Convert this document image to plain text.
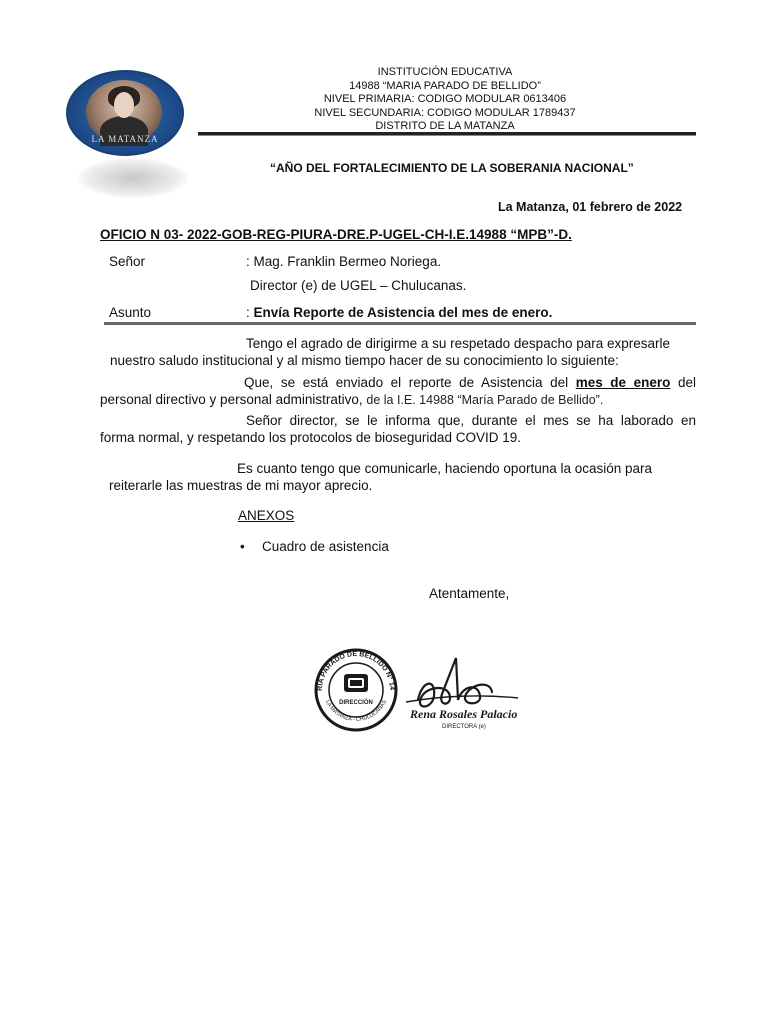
LA MATANZA
INSTITUCIÓN EDUCATIVA
14988 “MARIA PARADO DE BELLIDO”
NIVEL PRIMARIA: CODIGO MODULAR 0613406
NIVEL SECUNDARIA: CODIGO MODULAR 1789437
DISTRITO DE LA MATANZA
“AÑO DEL FORTALECIMIENTO DE LA SOBERANIA NACIONAL”
La Matanza, 01 febrero de 2022
OFICIO N 03- 2022-GOB-REG-PIURA-DRE.P-UGEL-CH-I.E.14988 “MPB”-D.
Señor	: Mag. Franklin Bermeo Noriega.
Director (e) de UGEL – Chulucanas.
Asunto	: Envía Reporte de Asistencia del mes de enero.
Tengo el agrado de dirigirme a su respetado despacho para expresarle
nuestro saludo institucional y al mismo tiempo hacer de su conocimiento lo siguiente:
Que, se está enviado el reporte de Asistencia del mes de enero del
personal directivo y personal administrativo, de la I.E. 14988 “María Parado de Bellido”.
Señor director, se le informa que, durante el mes se ha laborado en
forma normal, y respetando los protocolos de bioseguridad COVID 19.
Es cuanto tengo que comunicarle, haciendo oportuna la ocasión para
reiterarle las muestras de mi mayor aprecio.
ANEXOS
• Cuadro de asistencia
Atentamente,
RIA PARADO DE BELLIDO N° 14
LA MATANZA - CHULUCANAS
DIRECCIÓN
Rena Rosales Palacio
DIRECTORA (e)
